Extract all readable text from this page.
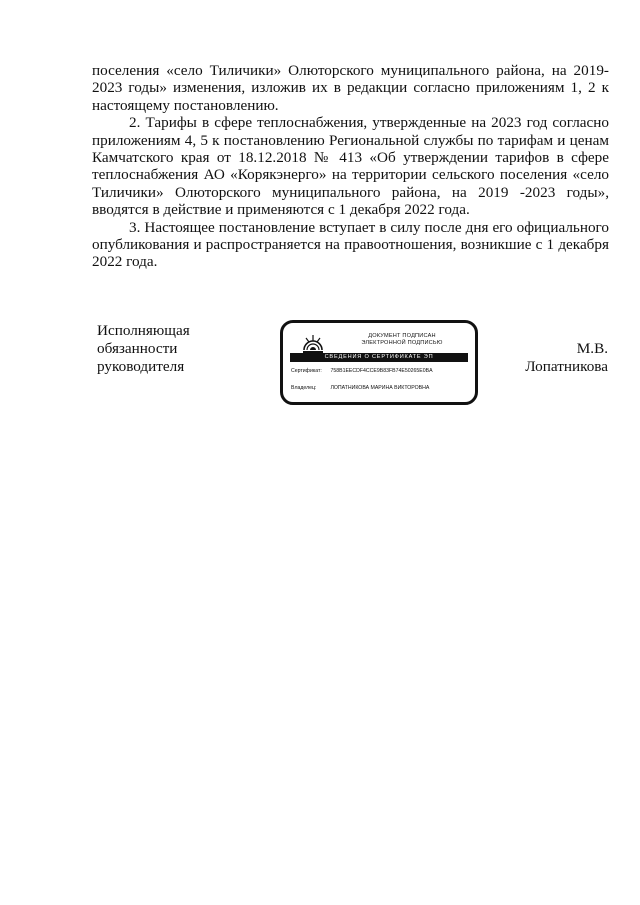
поселения «село Тиличики» Олюторского муниципального района, на 2019-2023 годы» изменения, изложив их в редакции согласно приложениям 1, 2 к настоящему постановлению.

2. Тарифы в сфере теплоснабжения, утвержденные на 2023 год согласно приложениям 4, 5 к постановлению Региональной службы по тарифам и ценам Камчатского края от 18.12.2018 № 413 «Об утверждении тарифов в сфере теплоснабжения АО «Корякэнерго» на территории сельского поселения «село Тиличики» Олюторского муниципального района, на 2019 -2023 годы», вводятся в действие и применяются с 1 декабря 2022 года.

3. Настоящее постановление вступает в силу после дня его официального опубликования и распространяется на правоотношения, возникшие с 1 декабря 2022 года.

Исполняющая
обязанности
руководителя
ДОКУМЕНТ ПОДПИСАН
ЭЛЕКТРОННОЙ ПОДПИСЬЮ
СВЕДЕНИЯ О СЕРТИФИКАТЕ ЭП
Сертификат: 758B1EECDF4CCE9B83FB74E50265E0BA
Владелец:	ЛОПАТНИКОВА МАРИНА ВИКТОРОВНА
М.В.
Лопатникова
